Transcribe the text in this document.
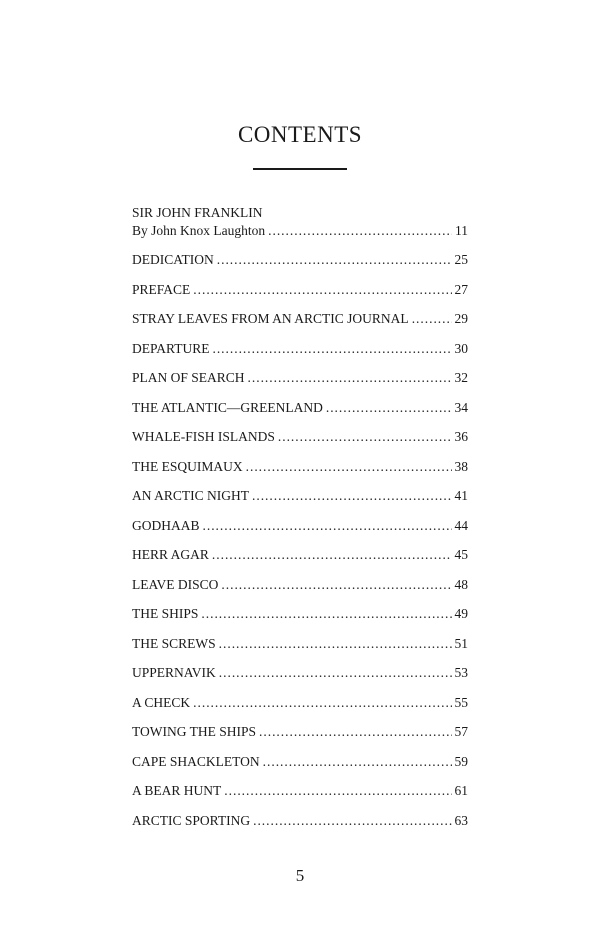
CONTENTS
SIR JOHN FRANKLIN
By John Knox Laughton . . .	11
DEDICATION . . .	25
PREFACE . . .	27
STRAY LEAVES FROM AN ARCTIC JOURNAL . . .	29
DEPARTURE . . .	30
PLAN OF SEARCH . . .	32
THE ATLANTIC—GREENLAND . . .	34
WHALE-FISH ISLANDS . . .	36
THE ESQUIMAUX . . .	38
AN ARCTIC NIGHT . . .	41
GODHAAB . . .	44
HERR AGAR . . .	45
LEAVE DISCO . . .	48
THE SHIPS . . .	49
THE SCREWS . . .	51
UPPERNAVIK . . .	53
A CHECK . . .	55
TOWING THE SHIPS . . .	57
CAPE SHACKLETON . . .	59
A BEAR HUNT . . .	61
ARCTIC SPORTING . . .	63
5
